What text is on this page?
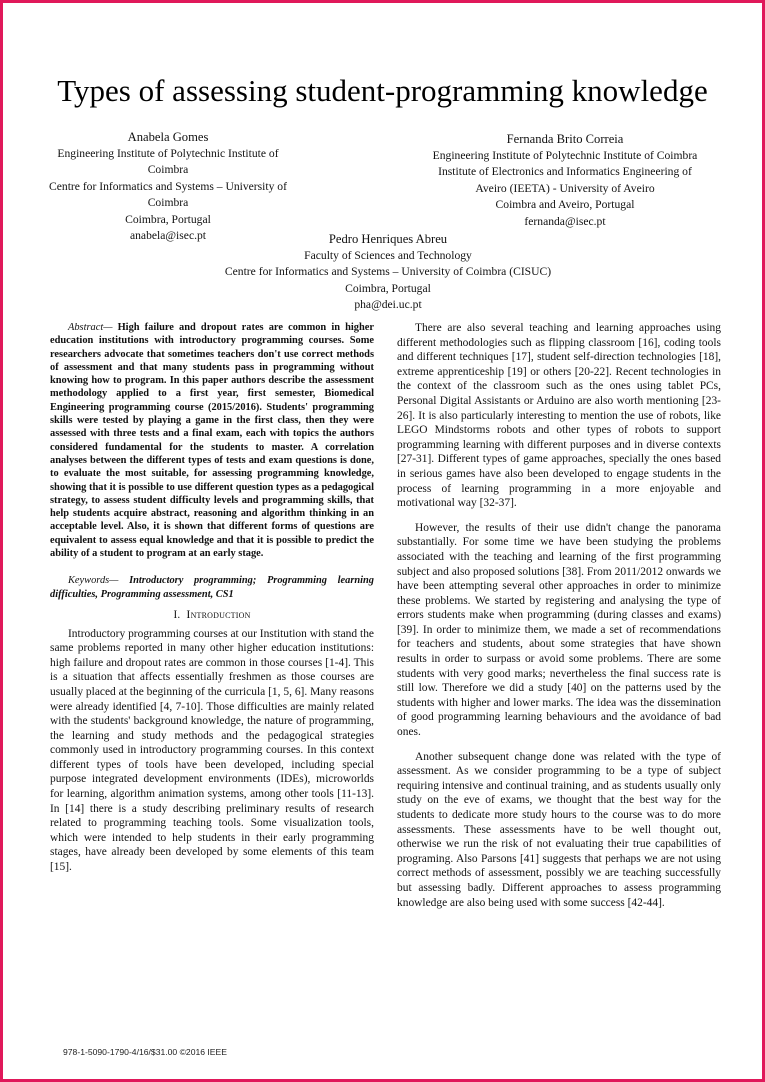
Types of assessing student-programming knowledge
Anabela Gomes
Engineering Institute of Polytechnic Institute of Coimbra
Centre for Informatics and Systems – University of Coimbra
Coimbra, Portugal
anabela@isec.pt
Fernanda Brito Correia
Engineering Institute of Polytechnic Institute of Coimbra
Institute of Electronics and Informatics Engineering of
Aveiro (IEETA) - University of Aveiro
Coimbra and Aveiro, Portugal
fernanda@isec.pt
Pedro Henriques Abreu
Faculty of Sciences and Technology
Centre for Informatics and Systems – University of Coimbra (CISUC)
Coimbra, Portugal
pha@dei.uc.pt

Abstract— High failure and dropout rates are common in higher education institutions with introductory programming courses. Some researchers advocate that sometimes teachers don't use correct methods of assessment and that many students pass in programming without knowing how to program. In this paper authors describe the assessment methodology applied to a first year, first semester, Biomedical Engineering programming course (2015/2016). Students' programming skills were tested by playing a game in the first class, then they were assessed with three tests and a final exam, each with topics the authors considered fundamental for the students to master. A correlation analyses between the different types of tests and exam questions is done, to evaluate the most suitable, for assessing programming knowledge, showing that it is possible to use different question types as a pedagogical strategy, to assess student difficulty levels and programming skills, that help students acquire abstract, reasoning and algorithm thinking in an acceptable level. Also, it is shown that different forms of questions are equivalent to assess equal knowledge and that it is possible to predict the ability of a student to program at an early stage.

Keywords— Introductory programming; Programming learning difficulties, Programming assessment, CS1

I. Introduction

Introductory programming courses at our Institution with stand the same problems reported in many other higher education institutions: high failure and dropout rates are common in those courses [1-4]. This is a situation that affects essentially freshmen as those courses are usually placed at the beginning of the curricula [1, 5, 6]. Many reasons were already identified [4, 7-10]. Those difficulties are mainly related with the students' background knowledge, the nature of programming, the learning and study methods and the pedagogical strategies commonly used in introductory programming courses. In this context different types of tools have been developed, including special purpose integrated development environments (IDEs), microworlds for learning, algorithm animation systems, among other tools [11-13]. In [14] there is a study describing preliminary results of research related to programming teaching tools. Some visualization tools, which were intended to help students in their early programming stages, have already been developed by some elements of this team [15].

There are also several teaching and learning approaches using different methodologies such as flipping classroom [16], coding tools and different techniques [17], student self-direction technologies [18], extreme apprenticeship [19] or others [20-22]. Recent technologies in the context of the classroom such as the ones using tablet PCs, Personal Digital Assistants or Arduino are also worth mentioning [23-26]. It is also particularly interesting to mention the use of robots, like LEGO Mindstorms robots and other types of robots to support programming learning with different purposes and in diverse contexts [27-31]. Different types of game approaches, specially the ones based in serious games have also been developed to engage students in the process of learning programming in a more enjoyable and motivational way [32-37].

However, the results of their use didn't change the panorama substantially. For some time we have been studying the problems associated with the teaching and learning of the first programming subject and also proposed solutions [38]. From 2011/2012 onwards we have been attempting several other approaches in order to minimize these problems. We started by registering and analysing the type of errors students make when programming (during classes and exams) [39]. In order to minimize them, we made a set of recommendations for teachers and students, about some strategies that have shown results in order to surpass or avoid some problems. There are some students with very good marks; nevertheless the final success rate is still low. Therefore we did a study [40] on the patterns used by the students with higher and lower marks. The idea was the dissemination of good programming learning behaviours and the avoidance of bad ones.

Another subsequent change done was related with the type of assessment. As we consider programming to be a type of subject requiring intensive and continual training, and as students usually only study on the eve of exams, we thought that the best way for the students to dedicate more study hours to the course was to do more assessments. These assessments have to be well thought out, otherwise we run the risk of not evaluating their true capabilities of programing. Also Parsons [41] suggests that perhaps we are not using correct methods of assessment, possibly we are teaching successfully but assessing badly. Different approaches to assess programming knowledge are also being used with some success [42-44].

978-1-5090-1790-4/16/$31.00 ©2016 IEEE
